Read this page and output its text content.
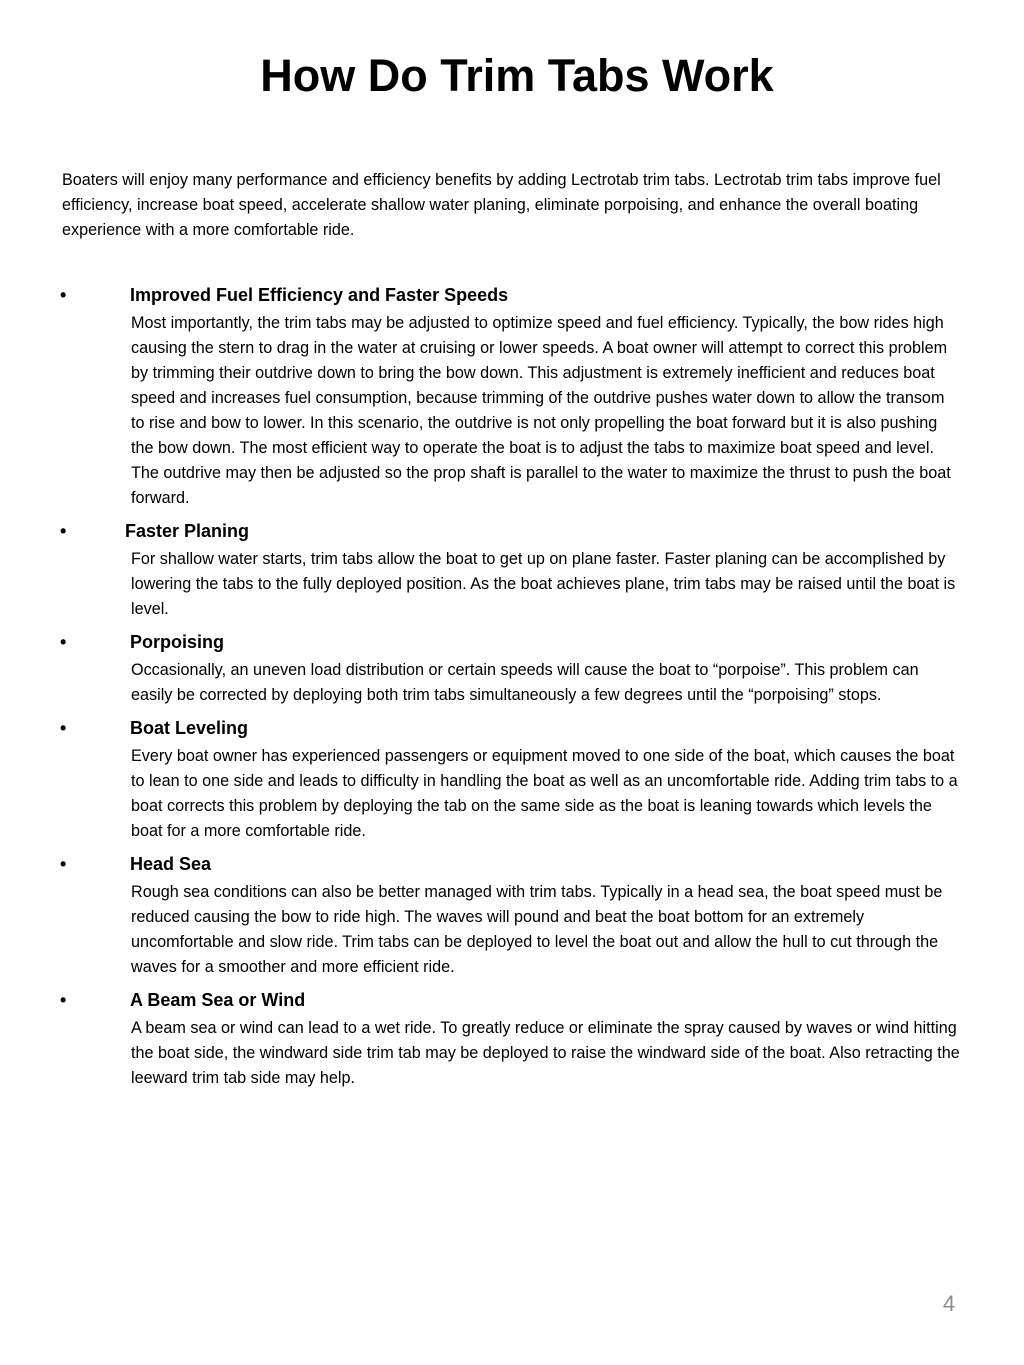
How Do Trim Tabs Work

Boaters will enjoy many performance and efficiency benefits by adding Lectrotab trim tabs. Lectrotab trim tabs improve fuel efficiency, increase boat speed, accelerate shallow water planing, eliminate porpoising, and enhance the overall boating experience with a more comfortable ride.

•	Improved Fuel Efficiency and Faster Speeds
Most importantly, the trim tabs may be adjusted to optimize speed and fuel efficiency. Typically, the bow rides high causing the stern to drag in the water at cruising or lower speeds. A boat owner will attempt to correct this problem by trimming their outdrive down to bring the bow down. This adjustment is extremely inefficient and reduces boat speed and increases fuel consumption, because trimming of the outdrive pushes water down to allow the transom to rise and bow to lower. In this scenario, the outdrive is not only propelling the boat forward but it is also pushing the bow down. The most efficient way to operate the boat is to adjust the tabs to maximize boat speed and level. The outdrive may then be adjusted so the prop shaft is parallel to the water to maximize the thrust to push the boat forward.
•	Faster Planing
For shallow water starts, trim tabs allow the boat to get up on plane faster. Faster planing can be accomplished by lowering the tabs to the fully deployed position. As the boat achieves plane, trim tabs may be raised until the boat is level.
•	Porpoising
Occasionally, an uneven load distribution or certain speeds will cause the boat to “porpoise”. This problem can easily be corrected by deploying both trim tabs simultaneously a few degrees until the “porpoising” stops.
•	Boat Leveling
Every boat owner has experienced passengers or equipment moved to one side of the boat, which causes the boat to lean to one side and leads to difficulty in handling the boat as well as an uncomfortable ride. Adding trim tabs to a boat corrects this problem by deploying the tab on the same side as the boat is leaning towards which levels the boat for a more comfortable ride.
•	Head Sea
Rough sea conditions can also be better managed with trim tabs. Typically in a head sea, the boat speed must be reduced causing the bow to ride high. The waves will pound and beat the boat bottom for an extremely uncomfortable and slow ride. Trim tabs can be deployed to level the boat out and allow the hull to cut through the waves for a smoother and more efficient ride.
•	A Beam Sea or Wind
A beam sea or wind can lead to a wet ride. To greatly reduce or eliminate the spray caused by waves or wind hitting the boat side, the windward side trim tab may be deployed to raise the windward side of the boat. Also retracting the leeward trim tab side may help.
4
